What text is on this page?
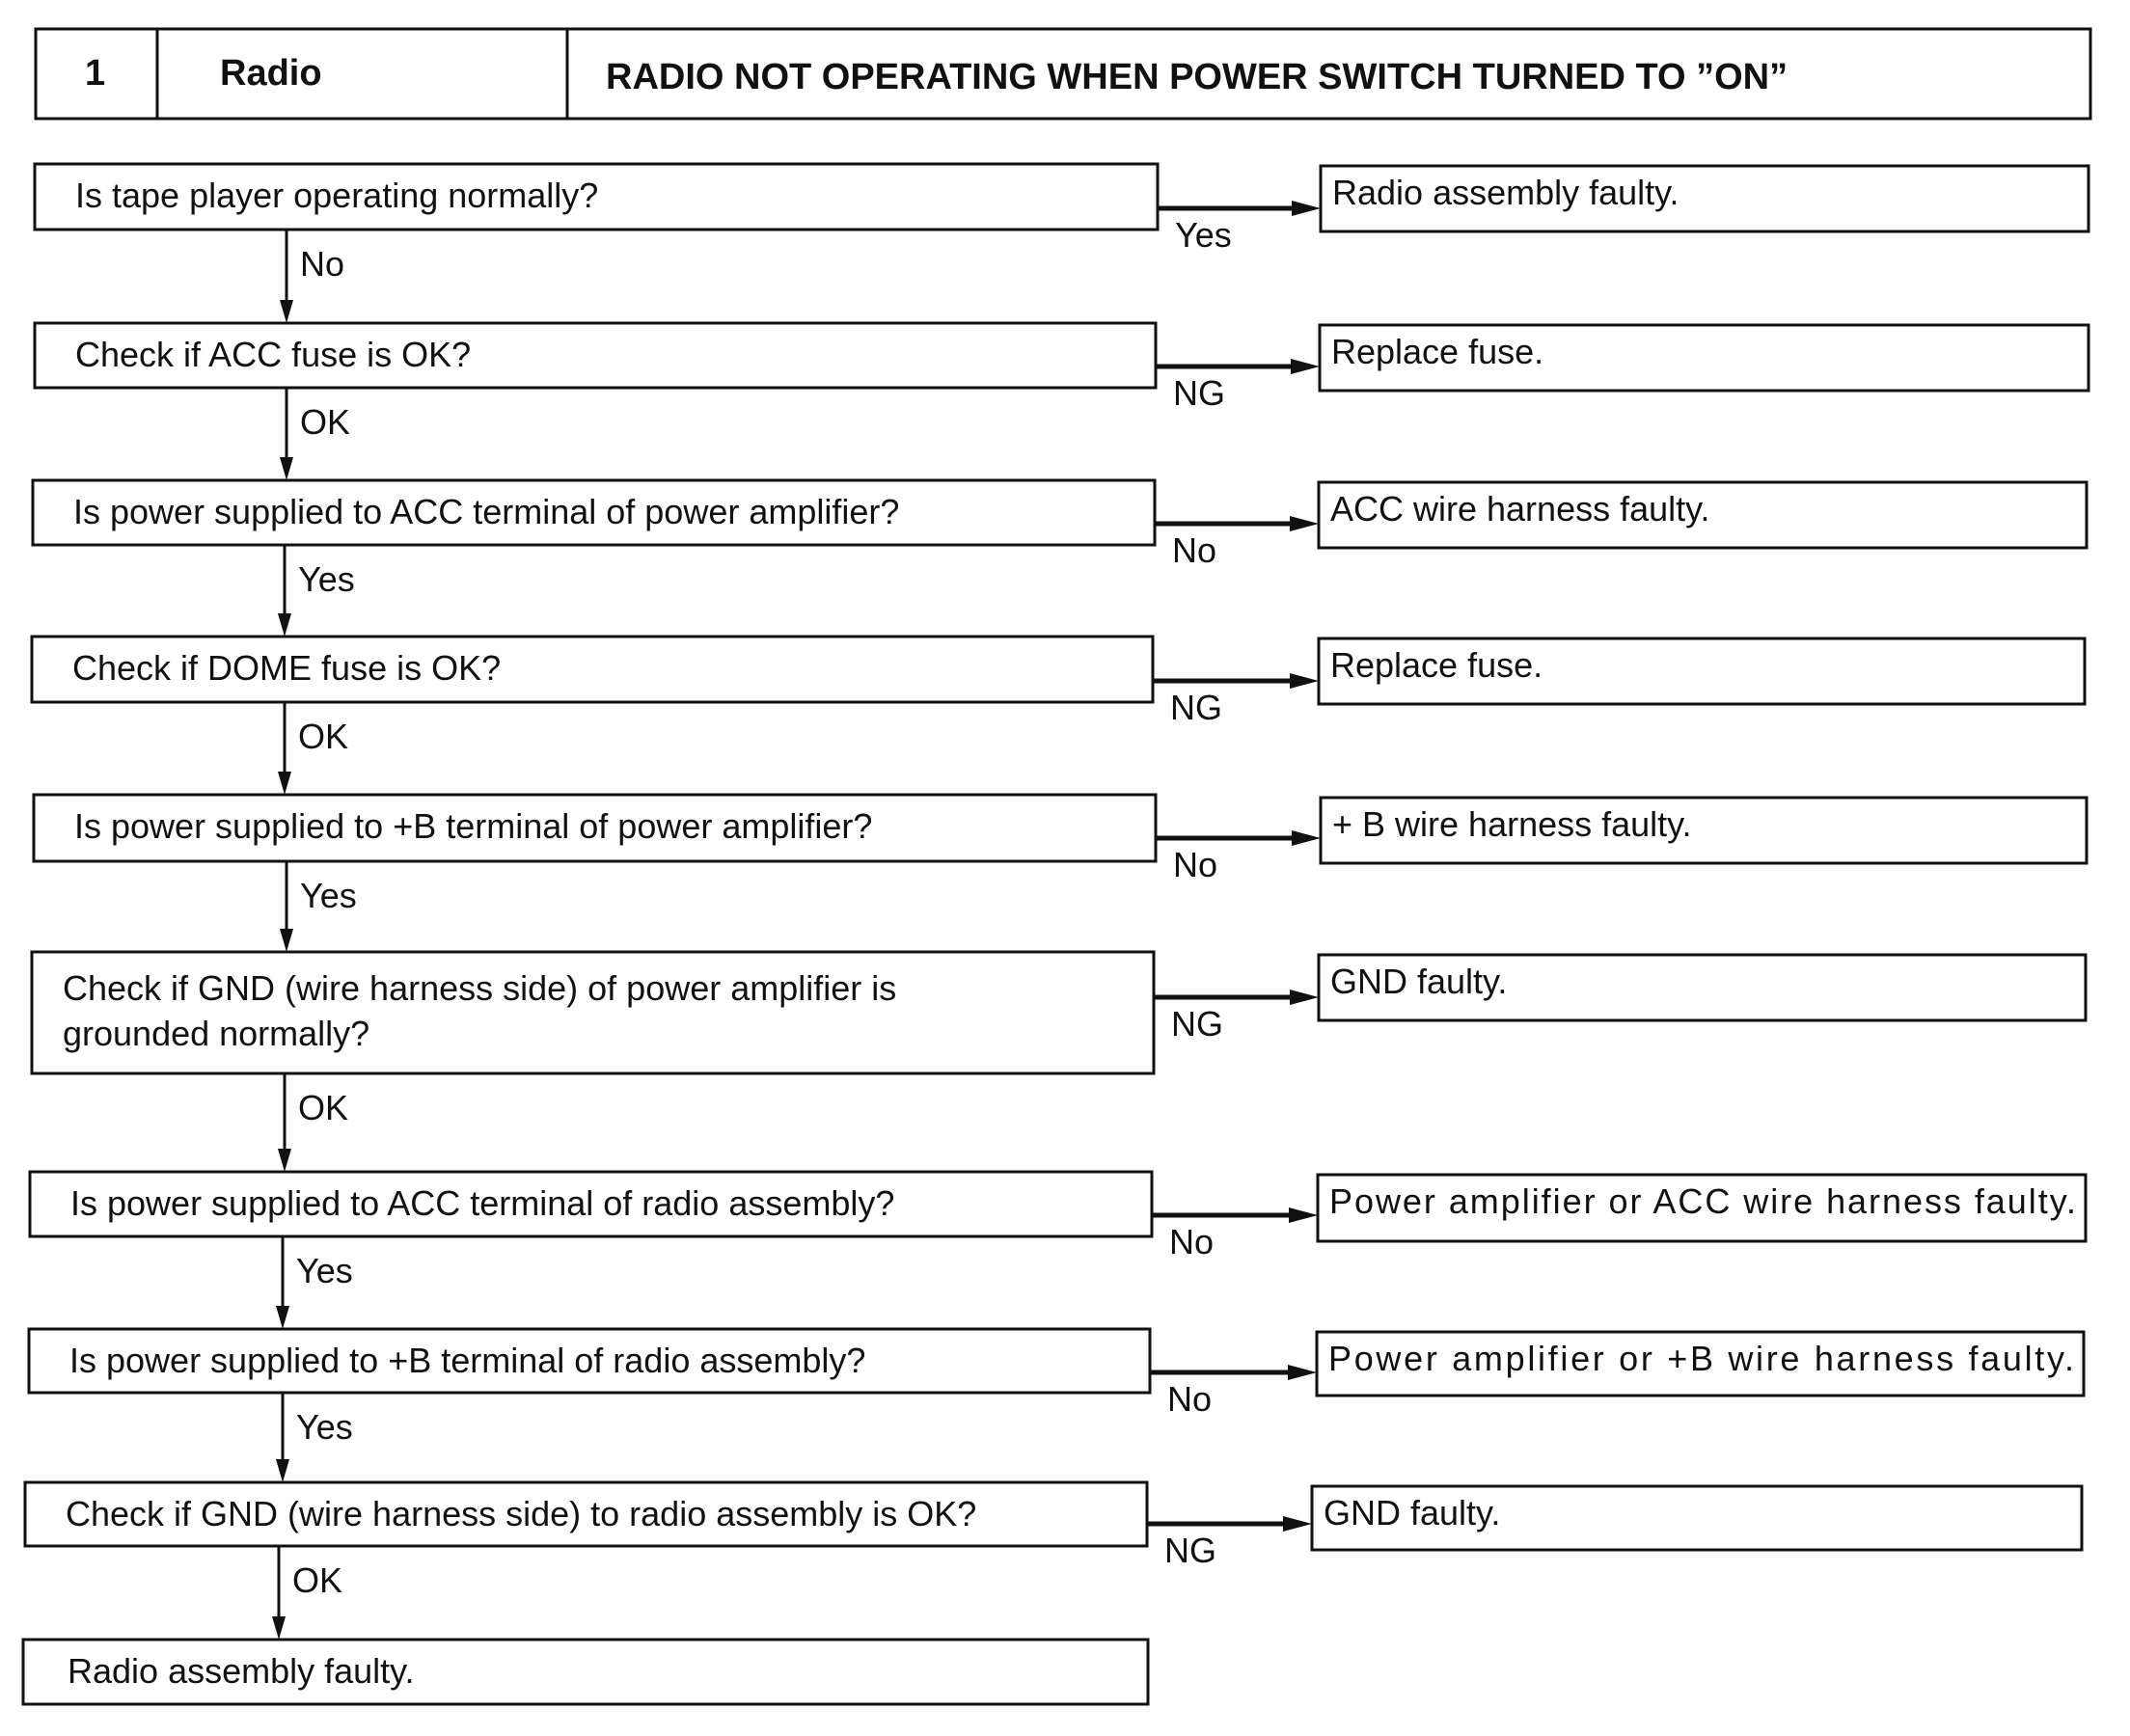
1	Radio	RADIO NOT OPERATING WHEN POWER SWITCH TURNED TO ”ON”
Is tape player operating normally?
Yes
Radio assembly faulty.
No
Check if ACC fuse is OK?
NG
Replace fuse.
OK
Is power supplied to ACC terminal of power amplifier?
No
ACC wire harness faulty.
Yes
Check if DOME fuse is OK?
NG
Replace fuse.
OK
Is power supplied to +B terminal of power amplifier?
No
+ B wire harness faulty.
Yes
Check if GND (wire harness side) of power amplifier is
grounded normally?	NG
GND faulty.
OK
Is power supplied to ACC terminal of radio assembly?
No
Power amplifier or ACC wire harness faulty.
Yes
Is power supplied to +B terminal of radio assembly?
No
Power amplifier or +B wire harness faulty.
Yes
Check if GND (wire harness side) to radio assembly is OK?
NG
GND faulty.
OK
Radio assembly faulty.
